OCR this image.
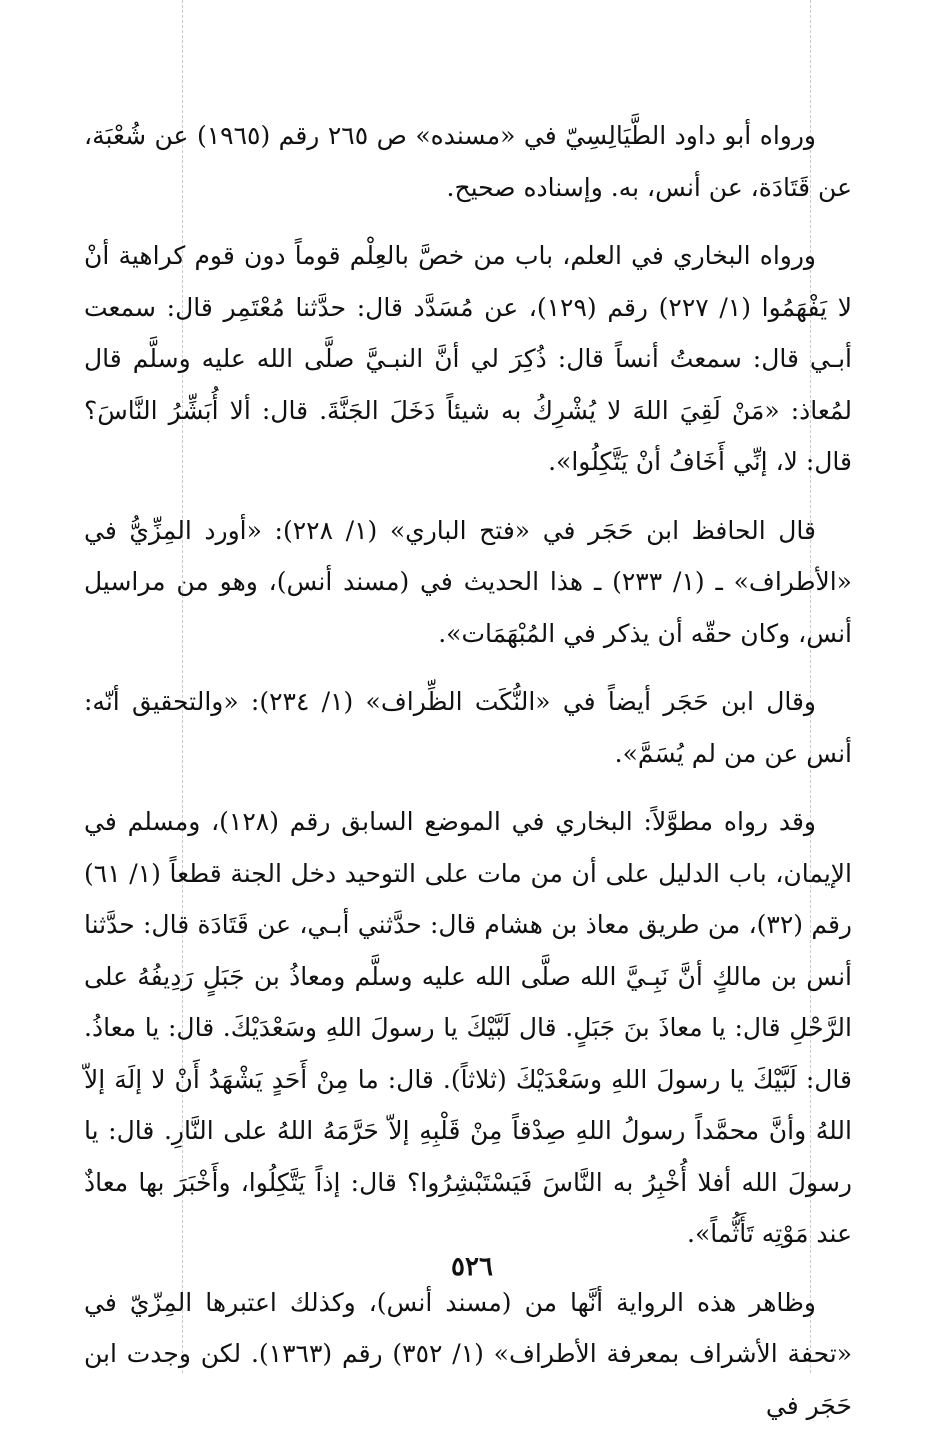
ورواه أبو داود الطَّيَالِسِيّ في «مسنده» ص ٢٦٥ رقم (١٩٦٥) عن شُعْبَة، عن قَتَادَة، عن أنس، به. وإسناده صحيح.

ورواه البخاري في العلم، باب من خصَّ بالعِلْم قوماً دون قوم كراهية أنْ لا يَفْهَمُوا (١/ ٢٢٧) رقم (١٢٩)، عن مُسَدَّد قال: حدَّثنا مُعْتَمِر قال: سمعت أبـي قال: سمعتُ أنساً قال: ذُكِرَ لي أنَّ النبـيَّ صلَّى الله عليه وسلَّم قال لمُعاذ: «مَنْ لَقِيَ اللهَ لا يُشْرِكُ به شيئاً دَخَلَ الجَنَّةَ. قال: ألا أُبَشِّرُ النَّاسَ؟ قال: لا، إنِّي أَخَافُ أنْ يَتَّكِلُوا».

قال الحافظ ابن حَجَر في «فتح الباري» (١/ ٢٢٨): «أورد المِزِّيُّ في «الأطراف» ـ (١/ ٢٣٣) ـ هذا الحديث في (مسند أنس)، وهو من مراسيل أنس، وكان حقّه أن يذكر في المُبْهَمَات».

وقال ابن حَجَر أيضاً في «النُّكَت الظِّراف» (١/ ٢٣٤): «والتحقيق أنّه: أنس عن من لم يُسَمَّ».

وقد رواه مطوَّلاً: البخاري في الموضع السابق رقم (١٢٨)، ومسلم في الإيمان، باب الدليل على أن من مات على التوحيد دخل الجنة قطعاً (١/ ٦١) رقم (٣٢)، من طريق معاذ بن هشام قال: حدَّثني أبـي، عن قَتَادَة قال: حدَّثنا أنس بن مالكٍ أنَّ نَبِـيَّ الله صلَّى الله عليه وسلَّم ومعاذُ بن جَبَلٍ رَدِيفُهُ على الرَّحْلِ قال: يا معاذَ بنَ جَبَلٍ. قال لَبَّيْكَ يا رسولَ اللهِ وسَعْدَيْكَ. قال: يا معاذُ. قال: لَبَّيْكَ يا رسولَ اللهِ وسَعْدَيْكَ (ثلاثاً). قال: ما مِنْ أَحَدٍ يَشْهَدُ أَنْ لا إلَهَ إلاّ اللهُ وأنَّ محمَّداً رسولُ اللهِ صِدْقاً مِنْ قَلْبِهِ إلاّ حَرَّمَهُ اللهُ على النَّارِ. قال: يا رسولَ الله أفلا أُخْبِرُ به النَّاسَ فَيَسْتَبْشِرُوا؟ قال: إذاً يَتَّكِلُوا، وأَخْبَرَ بها معاذٌ عند مَوْتِه تَأَثُّماً».

وظاهر هذه الرواية أنَّها من (مسند أنس)، وكذلك اعتبرها المِزّيّ في «تحفة الأشراف بمعرفة الأطراف» (١/ ٣٥٢) رقم (١٣٦٣). لكن وجدت ابن حَجَر في

٥٢٦
